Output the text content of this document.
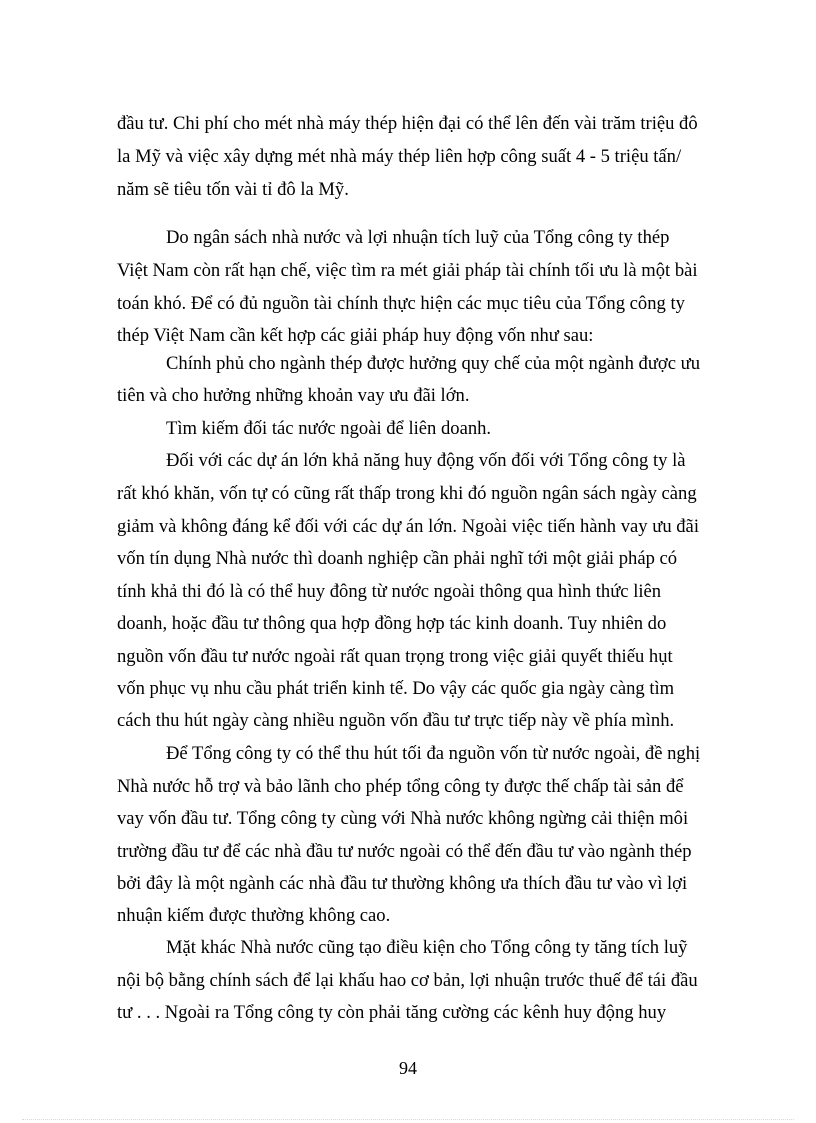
đầu tư. Chi phí cho mét nhà máy thép hiện đại có thể lên đến vài trăm triệu đô
la Mỹ và việc xây dựng mét nhà máy thép liên hợp công suất 4 - 5 triệu tấn/
năm sẽ tiêu tốn vài tỉ đô la Mỹ.
Do ngân sách nhà nước và lợi nhuận tích luỹ của Tổng công ty thép
Việt Nam còn rất hạn chế, việc tìm ra mét giải pháp tài chính tối ưu là một bài
toán khó. Để có đủ nguồn tài chính thực hiện các mục tiêu của Tổng công ty
thép Việt Nam cần kết hợp các giải pháp huy động vốn như sau:
Chính phủ cho ngành thép được hưởng quy chế của một ngành được ưu
tiên và cho hưởng những khoản vay ưu đãi lớn.
Tìm kiếm đối tác nước ngoài để liên doanh.
Đối với các dự án lớn khả năng huy động vốn đối với Tổng công ty là
rất khó khăn, vốn tự có cũng rất thấp trong khi đó nguồn ngân sách ngày càng
giảm và không đáng kể đối với các dự án lớn. Ngoài việc tiến hành vay ưu đãi
vốn tín dụng Nhà nước thì doanh nghiệp cần phải nghĩ tới một giải pháp có
tính khả thi đó là có thể huy đông từ nước ngoài thông qua hình thức liên
doanh, hoặc đầu tư thông qua hợp đồng hợp tác kinh doanh. Tuy nhiên do
nguồn vốn đầu tư nước ngoài rất quan trọng trong việc giải quyết thiếu hụt
vốn phục vụ nhu cầu phát triển kinh tế. Do vậy các quốc gia ngày càng tìm
cách thu hút ngày càng nhiều nguồn vốn đầu tư trực tiếp này về phía mình.
Để Tổng công ty có thể thu hút tối đa nguồn vốn từ nước ngoài, đề nghị
Nhà nước hỗ trợ và bảo lãnh cho phép tổng công ty được thế chấp tài sản để
vay vốn đầu tư. Tổng công ty cùng với Nhà nước không ngừng cải thiện môi
trường đầu tư để các nhà đầu tư nước ngoài có thể đến đầu tư vào ngành thép
bởi đây là một ngành các nhà đầu tư thường không ưa thích đầu tư vào vì lợi
nhuận kiếm được thường không cao.
Mặt khác Nhà nước cũng tạo điều kiện cho Tổng công ty tăng tích luỹ
nội bộ bằng chính sách để lại khấu hao cơ bản, lợi nhuận trước thuế để tái đầu
tư . . . Ngoài ra Tổng công ty còn phải tăng cường các kênh huy động huy
94
